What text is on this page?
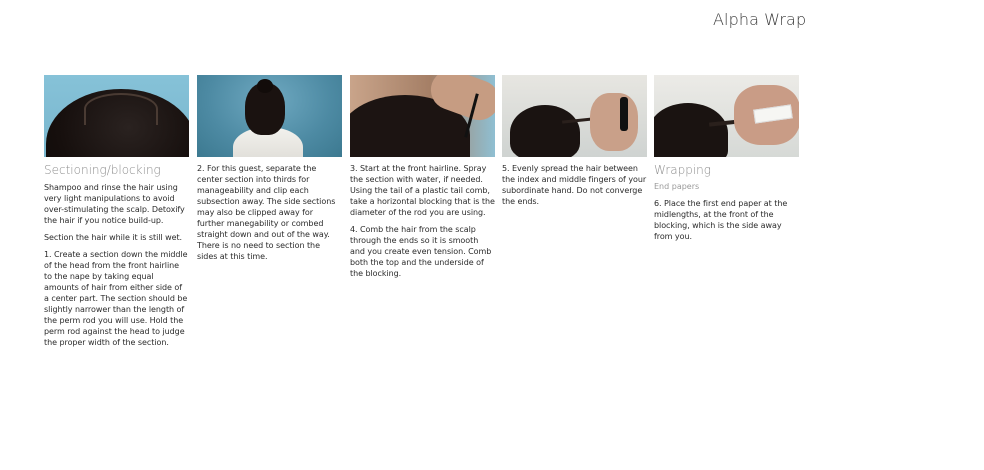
Alpha Wrap
Sectioning/blocking

Shampoo and rinse the hair using very light manipulations to avoid over-stimulating the scalp. Detoxify the hair if you notice build-up.

Section the hair while it is still wet.

1. Create a section down the middle of the head from the front hairline to the nape by taking equal amounts of hair from either side of a center part. The section should be slightly narrower than the length of the perm rod you will use. Hold the perm rod against the head to judge the proper width of the section.

2. For this guest, separate the center section into thirds for manageability and clip each subsection away. The side sections may also be clipped away for further manegability or combed straight down and out of the way. There is no need to section the sides at this time.

3. Start at the front hairline. Spray the section with water, if needed. Using the tail of a plastic tail comb, take a horizontal blocking that is the diameter of the rod you are using.

4. Comb the hair from the scalp through the ends so it is smooth and you create even tension. Comb both the top and the underside of the blocking.

5. Evenly spread the hair between the index and middle fingers of your subordinate hand. Do not converge the ends.

Wrapping
End papers

6. Place the first end paper at the midlengths, at the front of the blocking, which is the side away from you.
